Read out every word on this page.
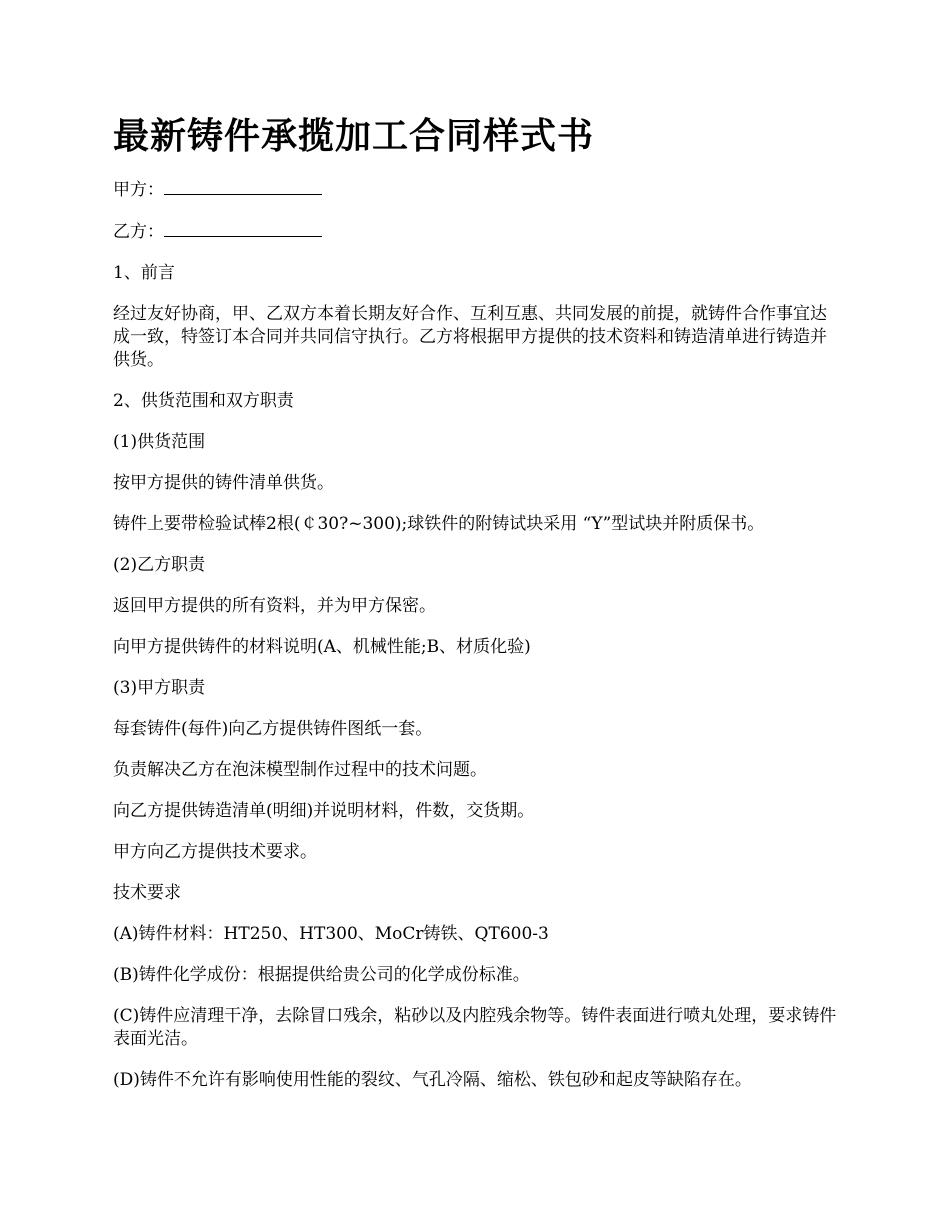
最新铸件承揽加工合同样式书

甲方：

乙方：

1、前言

经过友好协商，甲、乙双方本着长期友好合作、互利互惠、共同发展的前提，就铸件合作事宜达成一致，特签订本合同并共同信守执行。乙方将根据甲方提供的技术资料和铸造清单进行铸造并供货。

2、供货范围和双方职责

(1)供货范围

按甲方提供的铸件清单供货。

铸件上要带检验试棒2根(￠30?~300);球铁件的附铸试块采用 “Y”型试块并附质保书。

(2)乙方职责

返回甲方提供的所有资料，并为甲方保密。

向甲方提供铸件的材料说明(A、机械性能;B、材质化验)

(3)甲方职责

每套铸件(每件)向乙方提供铸件图纸一套。

负责解决乙方在泡沫模型制作过程中的技术问题。

向乙方提供铸造清单(明细)并说明材料，件数，交货期。

甲方向乙方提供技术要求。

技术要求

(A)铸件材料：HT250、HT300、MoCr铸铁、QT600-3

(B)铸件化学成份：根据提供给贵公司的化学成份标准。

(C)铸件应清理干净，去除冒口残余，粘砂以及内腔残余物等。铸件表面进行喷丸处理，要求铸件表面光洁。

(D)铸件不允许有影响使用性能的裂纹、气孔冷隔、缩松、铁包砂和起皮等缺陷存在。
